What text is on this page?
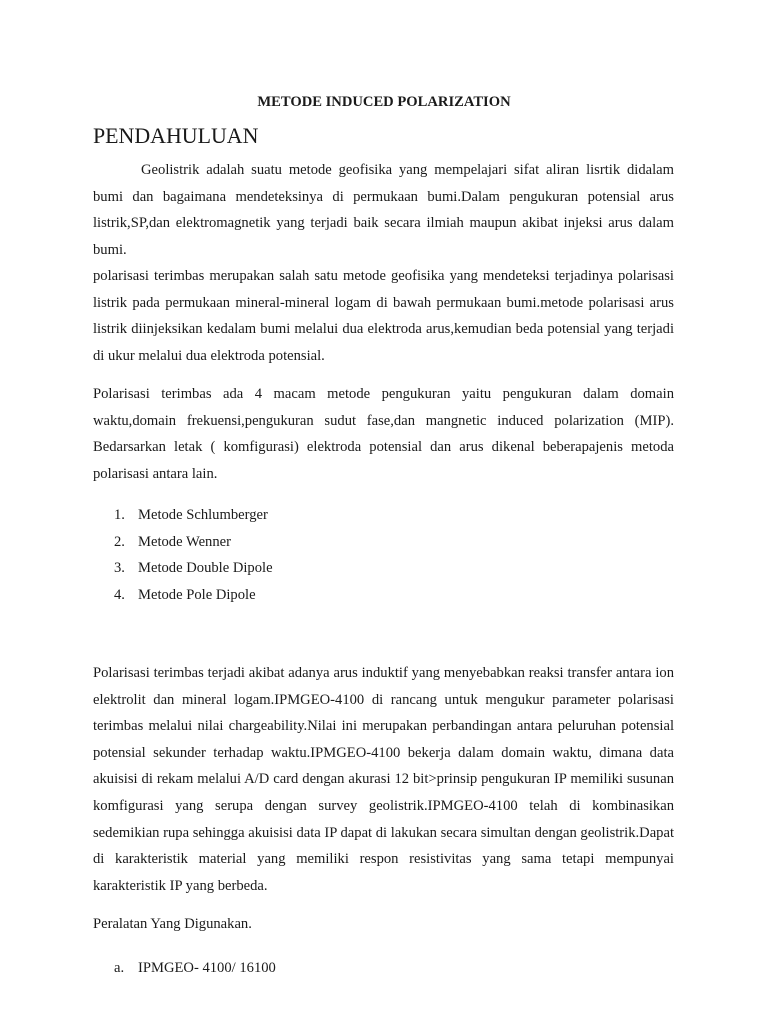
METODE INDUCED POLARIZATION
PENDAHULUAN

Geolistrik adalah suatu metode geofisika yang mempelajari sifat aliran lisrtik didalam bumi dan bagaimana mendeteksinya di permukaan bumi.Dalam pengukuran potensial arus listrik,SP,dan elektromagnetik yang terjadi baik secara ilmiah maupun akibat injeksi arus dalam bumi.

polarisasi terimbas merupakan salah satu metode geofisika yang mendeteksi terjadinya polarisasi listrik pada permukaan mineral-mineral logam di bawah permukaan bumi.metode polarisasi arus listrik diinjeksikan kedalam bumi melalui dua elektroda arus,kemudian beda potensial yang terjadi di ukur melalui dua elektroda potensial.

Polarisasi terimbas ada 4 macam metode pengukuran yaitu pengukuran dalam domain waktu,domain frekuensi,pengukuran sudut fase,dan mangnetic induced polarization (MIP). Bedarsarkan letak ( komfigurasi) elektroda potensial dan arus dikenal beberapajenis metoda polarisasi antara lain.

1. Metode Schlumberger
2. Metode Wenner
3. Metode Double Dipole
4. Metode Pole Dipole

Polarisasi terimbas terjadi akibat adanya arus induktif yang menyebabkan reaksi transfer antara ion elektrolit dan mineral logam.IPMGEO-4100 di rancang untuk mengukur parameter polarisasi terimbas melalui nilai chargeability.Nilai ini merupakan perbandingan antara peluruhan potensial potensial sekunder terhadap waktu.IPMGEO-4100 bekerja dalam domain waktu, dimana data akuisisi di rekam melalui A/D card dengan akurasi 12 bit>prinsip pengukuran IP memiliki susunan komfigurasi yang serupa dengan survey geolistrik.IPMGEO-4100 telah di kombinasikan sedemikian rupa sehingga akuisisi data IP dapat di lakukan secara simultan dengan geolistrik.Dapat di karakteristik material yang memiliki respon resistivitas yang sama tetapi mempunyai karakteristik IP yang berbeda.

Peralatan Yang Digunakan.

a. IPMGEO- 4100/ 16100
